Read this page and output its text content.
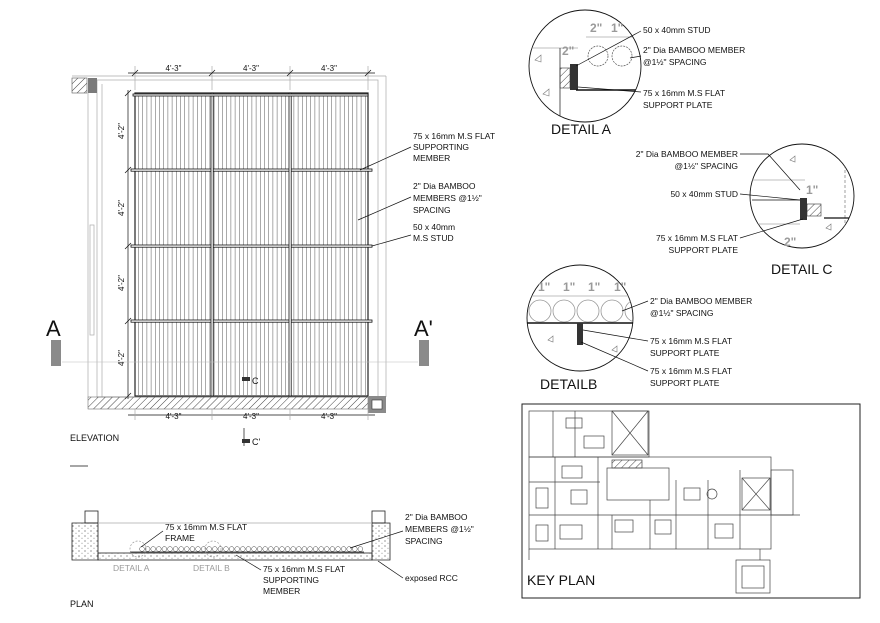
4'-3"	4'-3"	4'-3"
4'-2"
4'-2"
4'-2"
4'-2"
4'-3"	4'-3"	4'-3"
A	A'
C
C'
ELEVATION
75 x 16mm M.S FLAT
SUPPORTING
MEMBER
2" Dia BAMBOO
MEMBERS @1½"
SPACING
50 x 40mm
M.S STUD
75 x 16mm M.S FLAT
FRAME
DETAIL A	DETAIL B	75 x 16mm M.S FLAT
SUPPORTING
MEMBER
2" Dia BAMBOO
MEMBERS @1½"
SPACING
exposed RCC
PLAN
2" 1"
2"
50 x 40mm STUD
2" Dia BAMBOO MEMBER
@1½" SPACING
75 x 16mm M.S FLAT
SUPPORT PLATE
DETAIL A
1"
2"
2" Dia BAMBOO MEMBER
@1½" SPACING
50 x 40mm STUD
75 x 16mm M.S FLAT
SUPPORT PLATE
DETAIL C
1" 1" 1" 1"
2" Dia BAMBOO MEMBER
@1½" SPACING
75 x 16mm M.S FLAT
SUPPORT PLATE
75 x 16mm M.S FLAT
SUPPORT PLATE
DETAILB
KEY PLAN
